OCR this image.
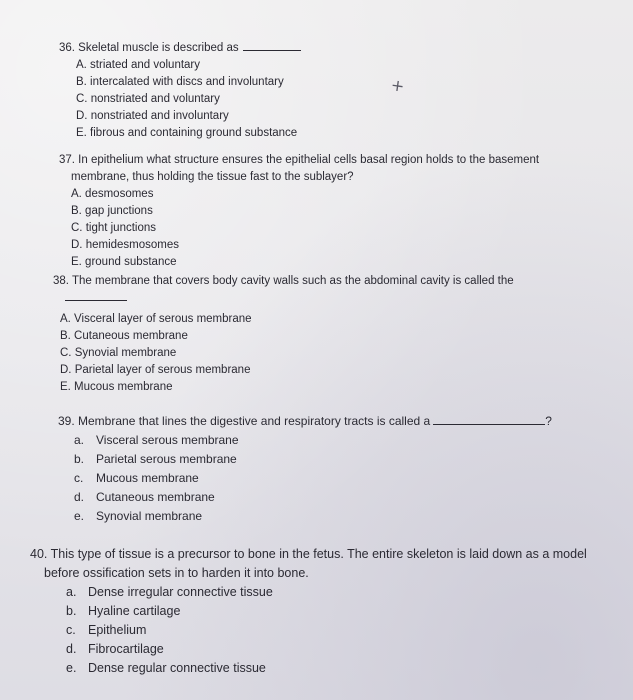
36. Skeletal muscle is described as
A. striated and voluntary
B. intercalated with discs and involuntary
C. nonstriated and voluntary
D. nonstriated and involuntary
E. fibrous and containing ground substance
+
37. In epithelium what structure ensures the epithelial cells basal region holds to the basement
membrane, thus holding the tissue fast to the sublayer?
A. desmosomes
B. gap junctions
C. tight junctions
D. hemidesmosomes
E. ground substance
38. The membrane that covers body cavity walls such as the abdominal cavity is called the
A. Visceral layer of serous membrane
B. Cutaneous membrane
C. Synovial membrane
D. Parietal layer of serous membrane
E. Mucous membrane
39. Membrane that lines the digestive and respiratory tracts is called a	?
a. Visceral serous membrane
b. Parietal serous membrane
c. Mucous membrane
d. Cutaneous membrane
e. Synovial membrane
40. This type of tissue is a precursor to bone in the fetus. The entire skeleton is laid down as a model
before ossification sets in to harden it into bone.
a. Dense irregular connective tissue
b. Hyaline cartilage
c. Epithelium
d. Fibrocartilage
e. Dense regular connective tissue
